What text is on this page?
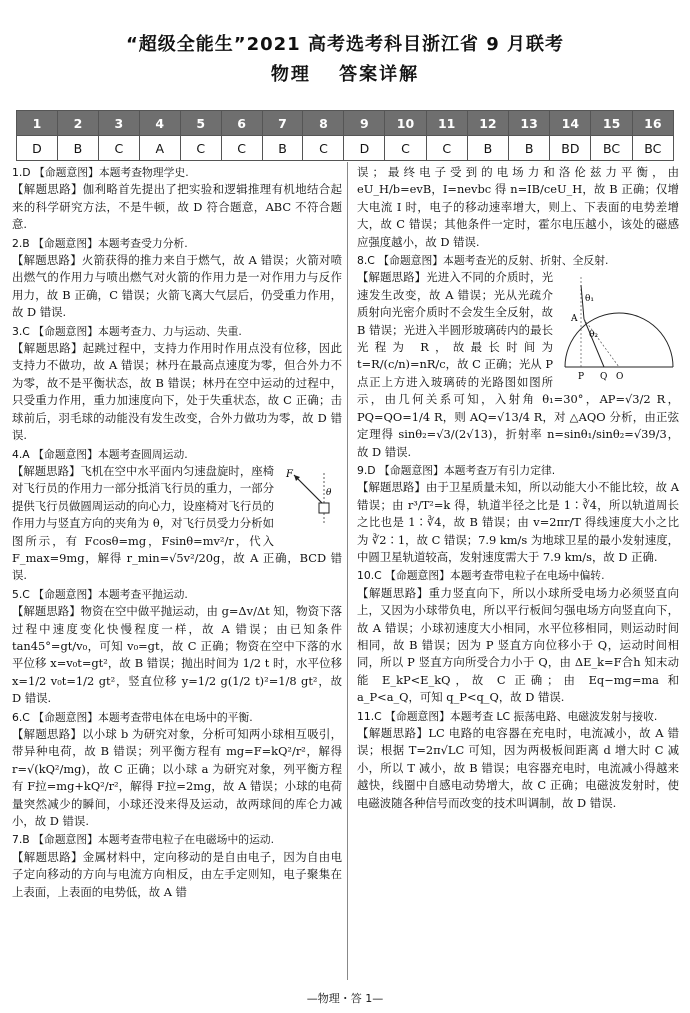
“超级全能生”2021 高考选考科目浙江省 9 月联考
物理 答案详解
1	2	3	4	5	6	7	8	9	10	11	12	13	14	15	16
D	B	C	A	C	C	B	C	D	C	C	B	B	BD	BC	BC
1.D 【命题意图】本题考查物理学史.
【解题思路】伽利略首先提出了把实验和逻辑推理有机地结合起来的科学研究方法，不是牛顿，故 D 符合题意，ABC 不符合题意.
2.B 【命题意图】本题考查受力分析.
【解题思路】火箭获得的推力来自于燃气，故 A 错误；火箭对喷出燃气的作用力与喷出燃气对火箭的作用力是一对作用力与反作用力，故 B 正确，C 错误；火箭飞离大气层后，仍受重力作用，故 D 错误.
3.C 【命题意图】本题考查力、力与运动、失重.
【解题思路】起跳过程中，支持力作用时作用点没有位移，因此支持力不做功，故 A 错误；林丹在最高点速度为零，但合外力不为零，故不是平衡状态，故 B 错误；林丹在空中运动的过程中，只受重力作用，重力加速度向下，处于失重状态，故 C 正确；击球前后，羽毛球的动能没有发生改变，合外力做功为零，故 D 错误.
4.A 【命题意图】本题考查圆周运动.
F
θ
【解题思路】飞机在空中水平面内匀速盘旋时，座椅对飞行员的作用力一部分抵消飞行员的重力，一部分提供飞行员做圆周运动的向心力，设座椅对飞行员的作用力与竖直方向的夹角为 θ，对飞行员受力分析如图所示，有 Fcosθ=mg，Fsinθ=mv²/r，代入 F_max=9mg，解得 r_min=√5v²/20g，故 A 正确，BCD 错误.
5.C 【命题意图】本题考查平抛运动.
【解题思路】物资在空中做平抛运动，由 g=Δv/Δt 知，物资下落过程中速度变化快慢程度一样，故 A 错误；由已知条件 tan45°=gt/v₀，可知 v₀=gt，故 C 正确；物资在空中下落的水平位移 x=v₀t=gt²，故 B 错误；抛出时间为 1/2 t 时，水平位移 x=1/2 v₀t=1/2 gt²，竖直位移 y=1/2 g(1/2 t)²=1/8 gt²，故 D 错误.
6.C 【命题意图】本题考查带电体在电场中的平衡.
【解题思路】以小球 b 为研究对象，分析可知两小球相互吸引，带异种电荷，故 B 错误；列平衡方程有 mg=F=kQ²/r²，解得 r=√(kQ²/mg)，故 C 正确；以小球 a 为研究对象，列平衡方程有 F拉=mg+kQ²/r²，解得 F拉=2mg，故 A 错误；小球的电荷量突然减少的瞬间，小球还没来得及运动，故两球间的库仑力减小，故 D 错误.
7.B 【命题意图】本题考查带电粒子在电磁场中的运动.
【解题思路】金属材料中，定向移动的是自由电子，因为自由电子定向移动的方向与电流方向相反，由左手定则知，电子聚集在上表面，上表面的电势低，故 A 错
误；最终电子受到的电场力和洛伦兹力平衡，由 eU_H/b=evB，I=nevbc 得 n=IB/ceU_H，故 B 正确；仅增大电流 I 时，电子的移动速率增大，则上、下表面的电势差增大，故 C 错误；其他条件一定时，霍尔电压越小，该处的磁感应强度越小，故 D 错误.
8.C 【命题意图】本题考查光的反射、折射、全反射.
θ₁
A
θ₂
P Q O
【解题思路】光进入不同的介质时，光速发生改变，故 A 错误；光从光疏介质射向光密介质时不会发生全反射，故 B 错误；光进入半圆形玻璃砖内的最长光程为 R，故最长时间为 t=R/(c/n)=nR/c，故 C 正确；光从 P 点正上方进入玻璃砖的光路图如图所示，由几何关系可知，入射角 θ₁=30°，AP=√3/2 R，PQ=QO=1/4 R，则 AQ=√13/4 R，对 △AQO 分析，由正弦定理得 sinθ₂=√3/(2√13)，折射率 n=sinθ₁/sinθ₂=√39/3，故 D 错误.
9.D 【命题意图】本题考查万有引力定律.
【解题思路】由于卫星质量未知，所以动能大小不能比较，故 A 错误；由 r³/T²=k 得，轨道半径之比是 1∶∛4，所以轨道周长之比也是 1∶∛4，故 B 错误；由 v=2πr/T 得线速度大小之比为 ∛2∶1，故 C 错误；7.9 km/s 为地球卫星的最小发射速度，中圆卫星轨道较高，发射速度需大于 7.9 km/s，故 D 正确.
10.C 【命题意图】本题考查带电粒子在电场中偏转.
【解题思路】重力竖直向下，所以小球所受电场力必须竖直向上，又因为小球带负电，所以平行板间匀强电场方向竖直向下，故 A 错误；小球初速度大小相同，水平位移相同，则运动时间相同，故 B 错误；因为 P 竖直方向位移小于 Q，运动时间相同，所以 P 竖直方向所受合力小于 Q，由 ΔE_k=F合h 知末动能 E_kP<E_kQ，故 C 正确；由 Eq−mg=ma 和 a_P<a_Q，可知 q_P<q_Q，故 D 错误.
11.C 【命题意图】本题考查 LC 振荡电路、电磁波发射与接收.
【解题思路】LC 电路的电容器在充电时，电流减小，故 A 错误；根据 T=2π√LC 可知，因为两极板间距离 d 增大时 C 减小，所以 T 减小，故 B 错误；电容器充电时，电流减小得越来越快，线圈中自感电动势增大，故 C 正确；电磁波发射时，使电磁波随各种信号而改变的技术叫调制，故 D 错误.
—物理・答 1—
